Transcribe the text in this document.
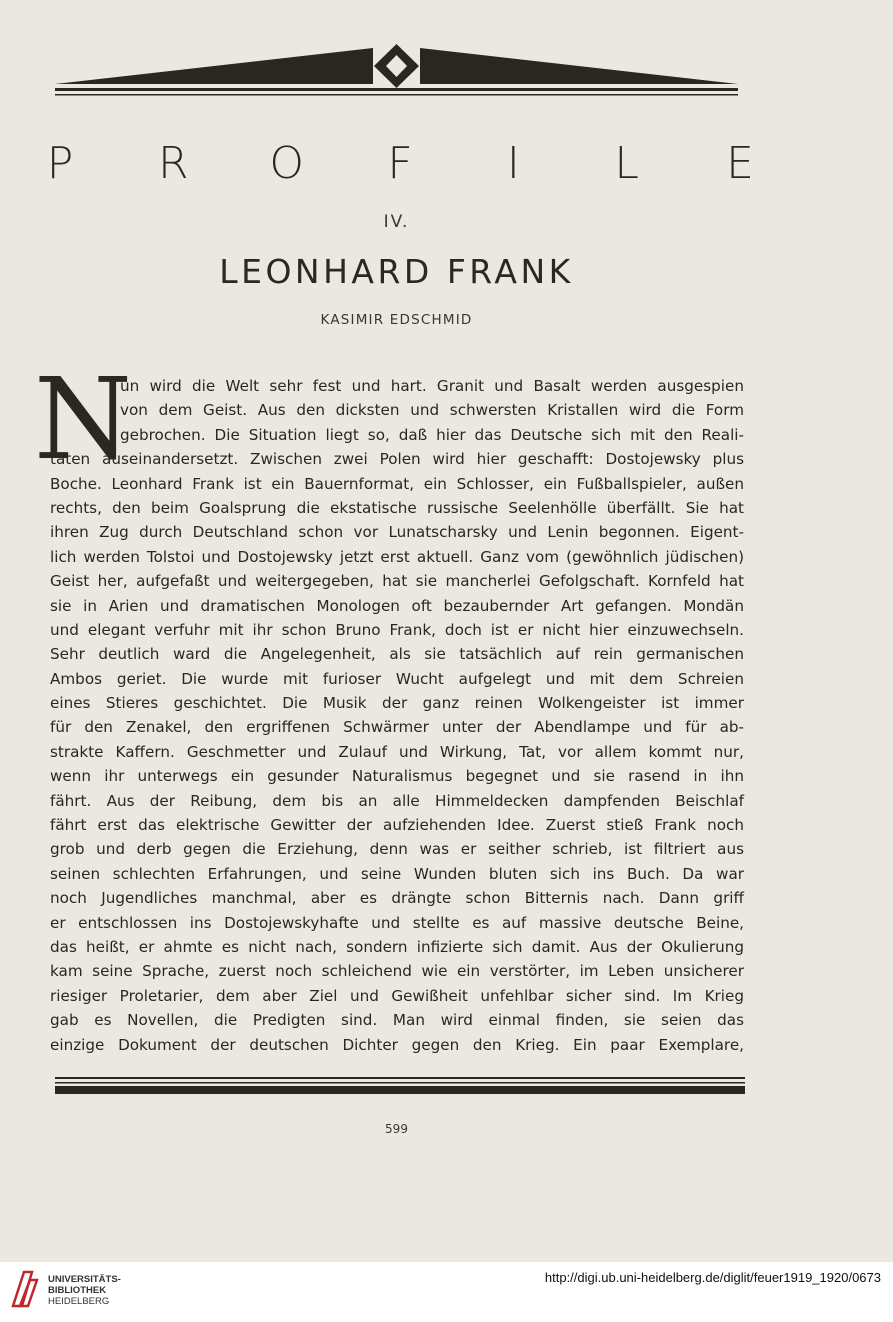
P R O F	I	L E
IV.
LEONHARD FRANK
KASIMIR EDSCHMID
N
un wird die Welt sehr fest und hart. Granit und Basalt werden ausgespien
von dem Geist. Aus den dicksten und schwersten Kristallen wird die Form
gebrochen. Die Situation liegt so, daß hier das Deutsche sich mit den Reali-
täten auseinandersetzt. Zwischen zwei Polen wird hier geschafft: Dostojewsky plus
Boche. Leonhard Frank ist ein Bauernformat, ein Schlosser, ein Fußballspieler, außen
rechts, den beim Goalsprung die ekstatische russische Seelenhölle überfällt. Sie hat
ihren Zug durch Deutschland schon vor Lunatscharsky und Lenin begonnen. Eigent-
lich werden Tolstoi und Dostojewsky jetzt erst aktuell. Ganz vom (gewöhnlich jüdischen)
Geist her, aufgefaßt und weitergegeben, hat sie mancherlei Gefolgschaft. Kornfeld hat
sie in Arien und dramatischen Monologen oft bezaubernder Art gefangen. Mondän
und elegant verfuhr mit ihr schon Bruno Frank, doch ist er nicht hier einzuwechseln.
Sehr deutlich ward die Angelegenheit, als sie tatsächlich auf rein germanischen
Ambos geriet. Die wurde mit furioser Wucht aufgelegt und mit dem Schreien
eines Stieres geschichtet. Die Musik der ganz reinen Wolkengeister ist immer
für den Zenakel, den ergriffenen Schwärmer unter der Abendlampe und für ab-
strakte Kaffern. Geschmetter und Zulauf und Wirkung, Tat, vor allem kommt nur,
wenn ihr unterwegs ein gesunder Naturalismus begegnet und sie rasend in ihn
fährt. Aus der Reibung, dem bis an alle Himmeldecken dampfenden Beischlaf
fährt erst das elektrische Gewitter der aufziehenden Idee. Zuerst stieß Frank noch
grob und derb gegen die Erziehung, denn was er seither schrieb, ist filtriert aus
seinen schlechten Erfahrungen, und seine Wunden bluten sich ins Buch. Da war
noch Jugendliches manchmal, aber es drängte schon Bitternis nach. Dann griff
er entschlossen ins Dostojewskyhafte und stellte es auf massive deutsche Beine,
das heißt, er ahmte es nicht nach, sondern infizierte sich damit. Aus der Okulierung
kam seine Sprache, zuerst noch schleichend wie ein verstörter, im Leben unsicherer
riesiger Proletarier, dem aber Ziel und Gewißheit unfehlbar sicher sind. Im Krieg
gab es Novellen, die Predigten sind. Man wird einmal finden, sie seien das
einzige Dokument der deutschen Dichter gegen den Krieg. Ein paar Exemplare,
599
UNIVERSITÄTS-
BIBLIOTHEK
HEIDELBERG
http://digi.ub.uni-heidelberg.de/diglit/feuer1919_1920/0673
